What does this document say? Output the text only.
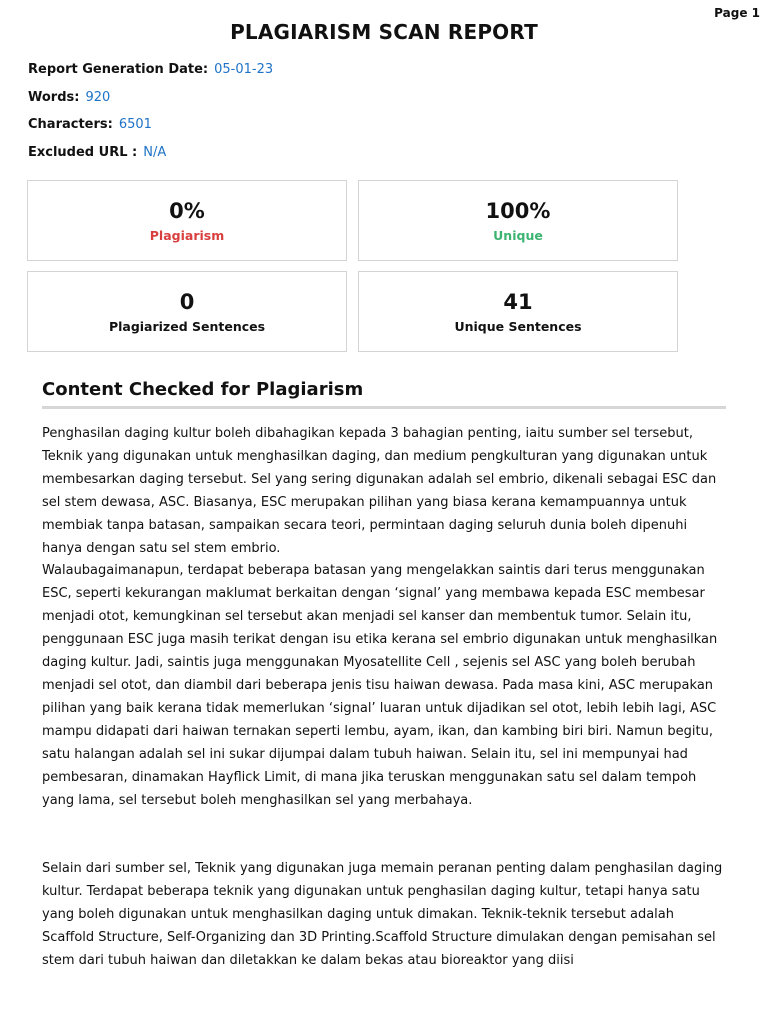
Page 1
PLAGIARISM SCAN REPORT
Report Generation Date: 05-01-23
Words: 920
Characters: 6501
Excluded URL : N/A
0%
Plagiarism
100%
Unique
0
Plagiarized Sentences
41
Unique Sentences
Content Checked for Plagiarism

Penghasilan daging kultur boleh dibahagikan kepada 3 bahagian penting, iaitu sumber sel tersebut, Teknik yang digunakan untuk menghasilkan daging, dan medium pengkulturan yang digunakan untuk membesarkan daging tersebut. Sel yang sering digunakan adalah sel embrio, dikenali sebagai ESC dan sel stem dewasa, ASC. Biasanya, ESC merupakan pilihan yang biasa kerana kemampuannya untuk membiak tanpa batasan, sampaikan secara teori, permintaan daging seluruh dunia boleh dipenuhi hanya dengan satu sel stem embrio.

Walaubagaimanapun, terdapat beberapa batasan yang mengelakkan saintis dari terus menggunakan ESC, seperti kekurangan maklumat berkaitan dengan ‘signal’ yang membawa kepada ESC membesar menjadi otot, kemungkinan sel tersebut akan menjadi sel kanser dan membentuk tumor. Selain itu, penggunaan ESC juga masih terikat dengan isu etika kerana sel embrio digunakan untuk menghasilkan daging kultur. Jadi, saintis juga menggunakan Myosatellite Cell , sejenis sel ASC yang boleh berubah menjadi sel otot, dan diambil dari beberapa jenis tisu haiwan dewasa. Pada masa kini, ASC merupakan pilihan yang baik kerana tidak memerlukan ‘signal’ luaran untuk dijadikan sel otot, lebih lebih lagi, ASC mampu didapati dari haiwan ternakan seperti lembu, ayam, ikan, dan kambing biri biri. Namun begitu, satu halangan adalah sel ini sukar dijumpai dalam tubuh haiwan. Selain itu, sel ini mempunyai had pembesaran, dinamakan Hayflick Limit, di mana jika teruskan menggunakan satu sel dalam tempoh yang lama, sel tersebut boleh menghasilkan sel yang merbahaya.

Selain dari sumber sel, Teknik yang digunakan juga memain peranan penting dalam penghasilan daging kultur. Terdapat beberapa teknik yang digunakan untuk penghasilan daging kultur, tetapi hanya satu yang boleh digunakan untuk menghasilkan daging untuk dimakan. Teknik-teknik tersebut adalah Scaffold Structure, Self-Organizing dan 3D Printing.Scaffold Structure dimulakan dengan pemisahan sel stem dari tubuh haiwan dan diletakkan ke dalam bekas atau bioreaktor yang diisi
